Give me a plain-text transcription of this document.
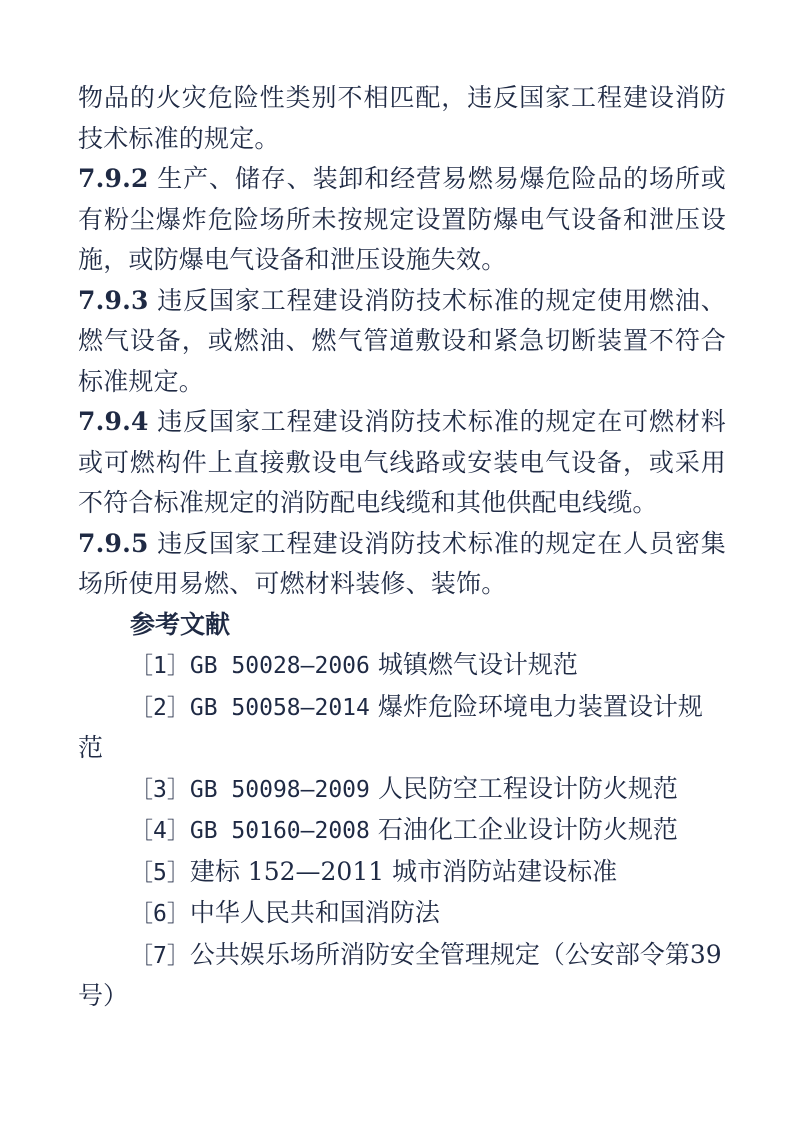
物品的火灾危险性类别不相匹配，违反国家工程建设消防技术标准的规定。

7.9.2 生产、储存、装卸和经营易燃易爆危险品的场所或有粉尘爆炸危险场所未按规定设置防爆电气设备和泄压设施，或防爆电气设备和泄压设施失效。

7.9.3 违反国家工程建设消防技术标准的规定使用燃油、燃气设备，或燃油、燃气管道敷设和紧急切断装置不符合标准规定。

7.9.4 违反国家工程建设消防技术标准的规定在可燃材料或可燃构件上直接敷设电气线路或安装电气设备，或采用不符合标准规定的消防配电线缆和其他供配电线缆。

7.9.5 违反国家工程建设消防技术标准的规定在人员密集场所使用易燃、可燃材料装修、装饰。

参考文献

［1］GB 50028—2006 城镇燃气设计规范

［2］GB 50058—2014 爆炸危险环境电力装置设计规范

［3］GB 50098—2009 人民防空工程设计防火规范

［4］GB 50160—2008 石油化工企业设计防火规范

［5］建标 152—2011 城市消防站建设标准

［6］中华人民共和国消防法

［7］公共娱乐场所消防安全管理规定（公安部令第39 号）
